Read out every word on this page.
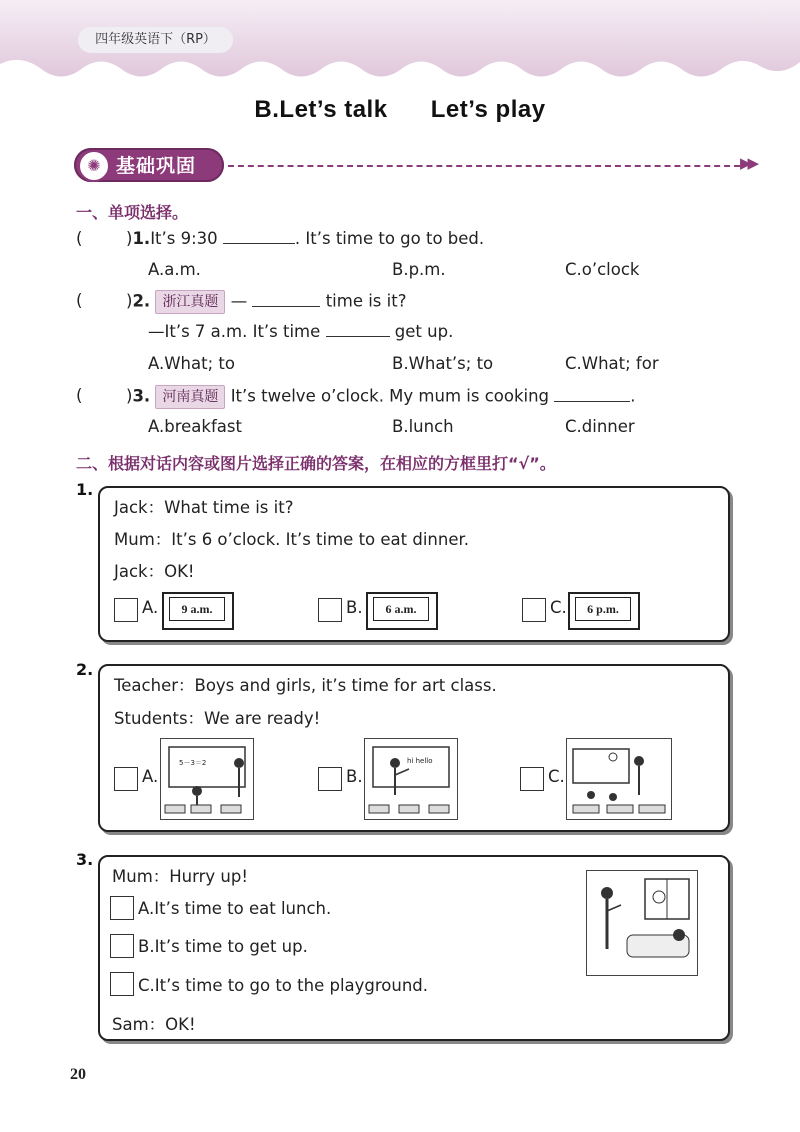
四年级英语下（RP）
B.Let’s talk Let’s play
✺ 基础巩固	▶▶
一、单项选择。
(	)1.It’s 9:30	. It’s time to go to bed.
A.a.m.	B.p.m.	C.o’clock
(	)2. 浙江真题 —	time is it?
—It’s 7 a.m. It’s time	get up.
A.What; to	B.What’s; to	C.What; for
(	)3. 河南真题 It’s twelve o’clock. My mum is cooking	.
A.breakfast	B.lunch	C.dinner
二、根据对话内容或图片选择正确的答案，在相应的方框里打“√”。
1.
Jack：What time is it?
Mum：It’s 6 o’clock. It’s time to eat dinner.
Jack：OK!
A.	9 a.m.	B.	6 a.m.	C.	6 p.m.
2.
Teacher：Boys and girls, it’s time for art class.
Students：We are ready!
A.
5－3＝2
B.
hi hello
C.
3.
Mum：Hurry up!
A.It’s time to eat lunch.
B.It’s time to get up.
C.It’s time to go to the playground.
Sam：OK!
20
